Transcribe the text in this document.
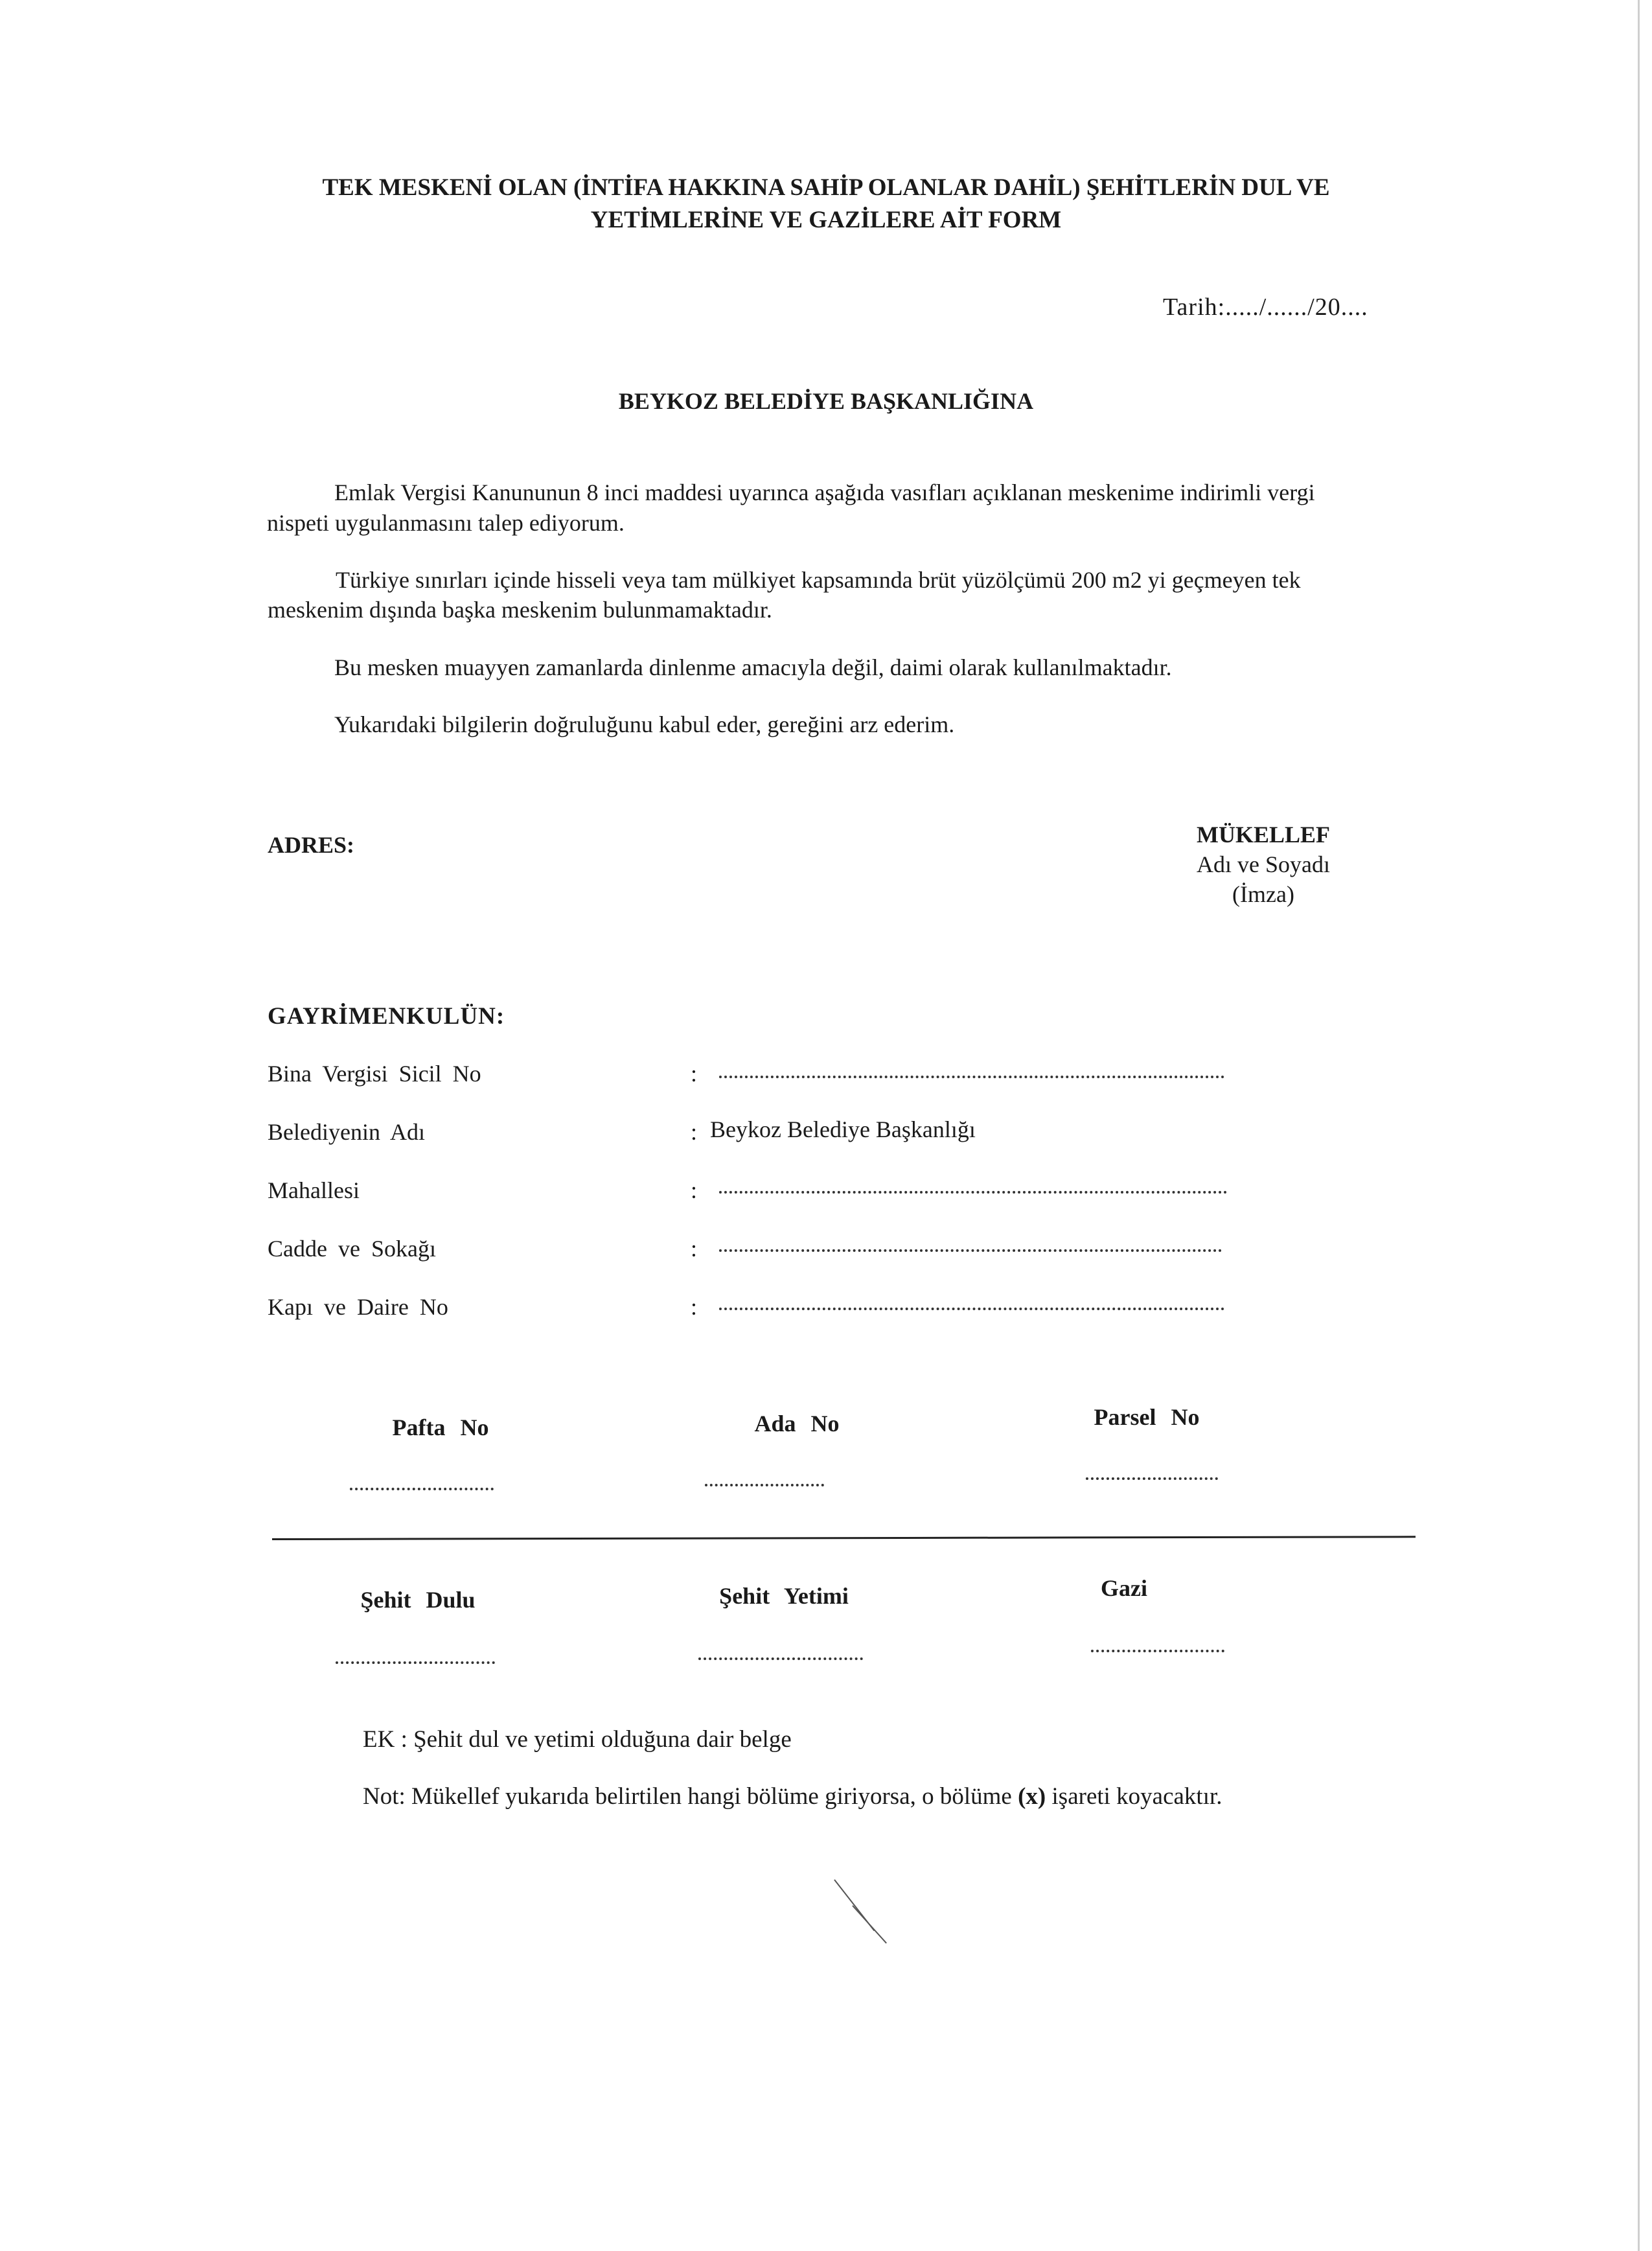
TEK MESKENİ OLAN (İNTİFA HAKKINA SAHİP OLANLAR DAHİL) ŞEHİTLERİN DUL VE
YETİMLERİNE VE GAZİLERE AİT FORM
Tarih:...../....../20....
BEYKOZ BELEDİYE BAŞKANLIĞINA
Emlak Vergisi Kanununun 8 inci maddesi uyarınca aşağıda vasıfları açıklanan meskenime indirimli vergi
nispeti uygulanmasını talep ediyorum.
Türkiye sınırları içinde hisseli veya tam mülkiyet kapsamında brüt yüzölçümü 200 m2 yi geçmeyen tek
meskenim dışında başka meskenim bulunmamaktadır.
Bu mesken muayyen zamanlarda dinlenme amacıyla değil, daimi olarak kullanılmaktadır.
Yukarıdaki bilgilerin doğruluğunu kabul eder, gereğini arz ederim.
ADRES:	MÜKELLEF
Adı ve Soyadı
(İmza)
GAYRİMENKULÜN:
Bina Vergisi Sicil No	:
Belediyenin Adı	: Beykoz Belediye Başkanlığı
Mahallesi	:
Cadde ve Sokağı	:
Kapı ve Daire No	:
Pafta No	Ada No	Parsel No
Şehit Dulu	Şehit Yetimi	Gazi
EK : Şehit dul ve yetimi olduğuna dair belge
Not: Mükellef yukarıda belirtilen hangi bölüme giriyorsa, o bölüme (x) işareti koyacaktır.
